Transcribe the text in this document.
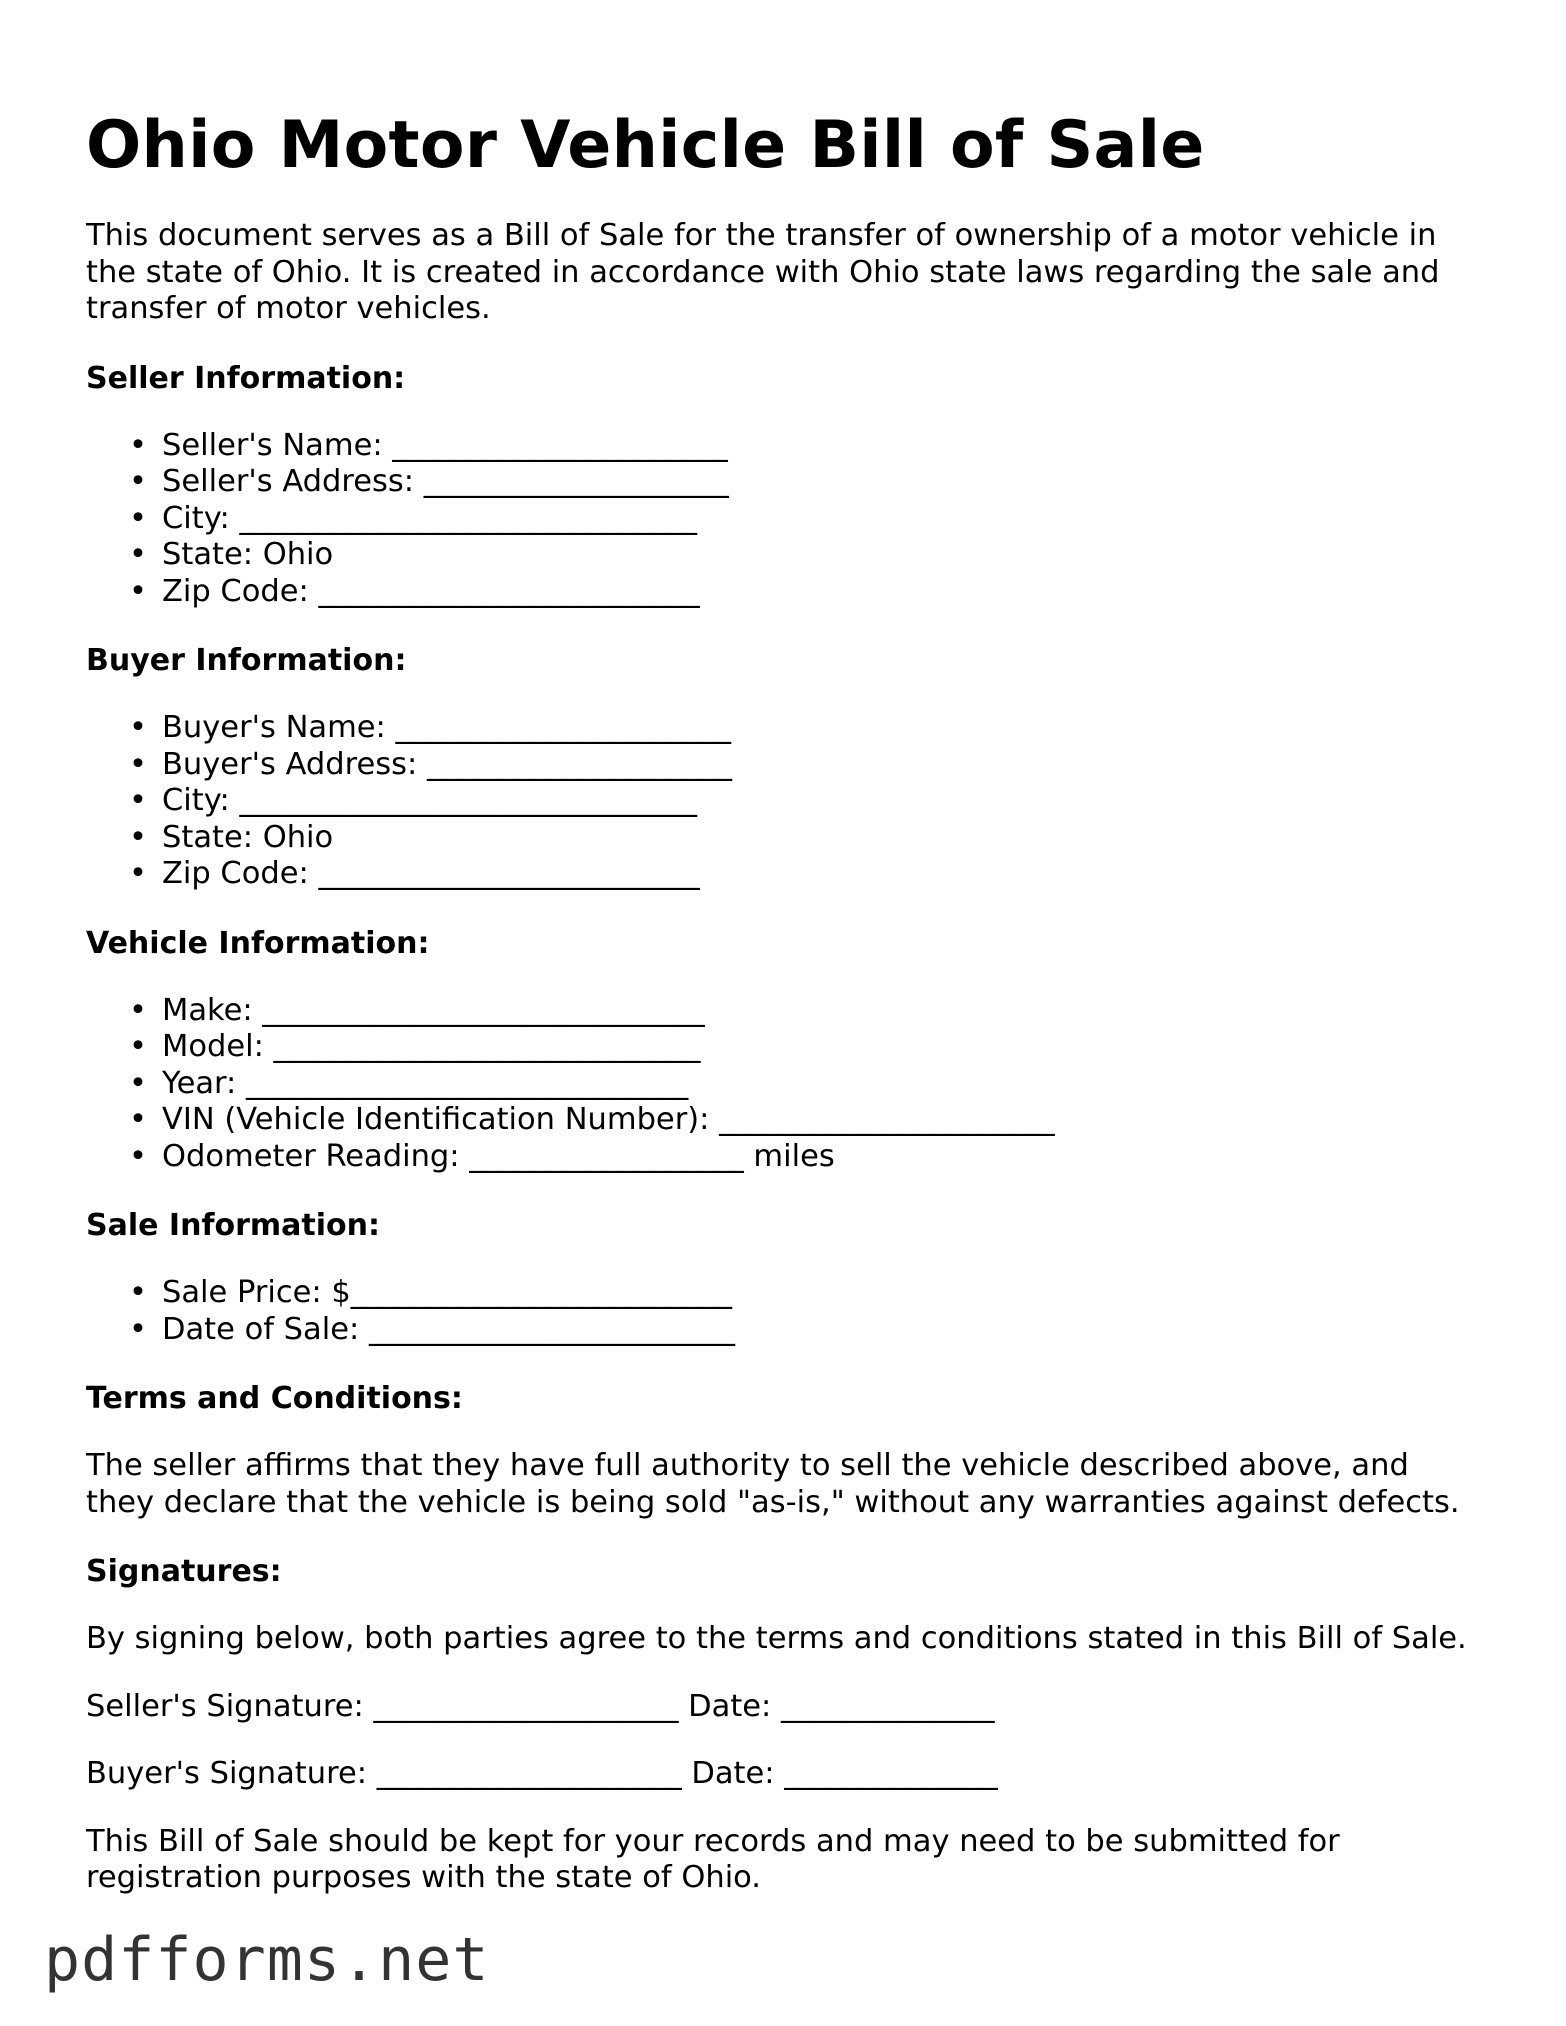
Ohio Motor Vehicle Bill of Sale

This document serves as a Bill of Sale for the transfer of ownership of a motor vehicle in the state of Ohio. It is created in accordance with Ohio state laws regarding the sale and transfer of motor vehicles.

Seller Information:
• Seller's Name: ______________________
• Seller's Address: ____________________
• City: ______________________________
• State: Ohio
• Zip Code: _________________________
Buyer Information:
• Buyer's Name: ______________________
• Buyer's Address: ____________________
• City: ______________________________
• State: Ohio
• Zip Code: _________________________
Vehicle Information:
• Make: _____________________________
• Model: ____________________________
• Year: _____________________________
• VIN (Vehicle Identification Number): ______________________
• Odometer Reading: __________________ miles
Sale Information:
• Sale Price: $_________________________
• Date of Sale: ________________________
Terms and Conditions:

The seller affirms that they have full authority to sell the vehicle described above, and they declare that the vehicle is being sold "as-is," without any warranties against defects.

Signatures:

By signing below, both parties agree to the terms and conditions stated in this Bill of Sale.

Seller's Signature: ____________________ Date: ______________
Buyer's Signature: ____________________ Date: ______________

This Bill of Sale should be kept for your records and may need to be submitted for registration purposes with the state of Ohio.

pdfforms.net
